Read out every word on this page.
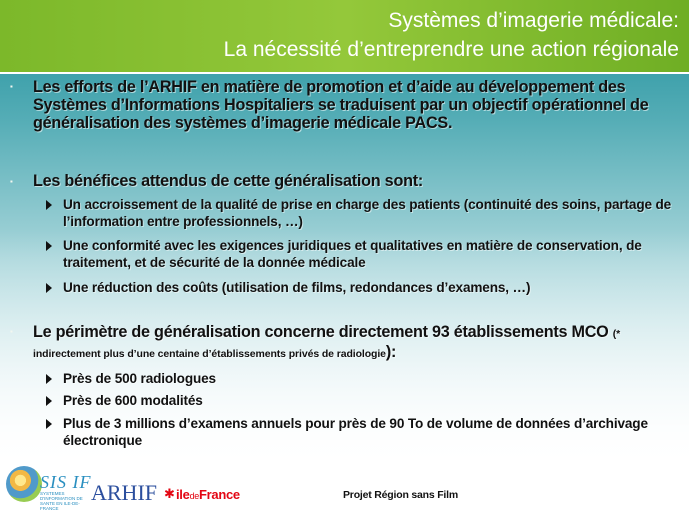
Systèmes d’imagerie médicale:
La nécessité d’entreprendre une action régionale
▪ Les efforts de l’ARHIF en matière de promotion et d’aide au développement des Systèmes d’Informations Hospitaliers se traduisent par un objectif opérationnel de généralisation des systèmes d’imagerie médicale PACS.
▪ Les bénéfices attendus de cette généralisation sont:
Un accroissement de la qualité de prise en charge des patients (continuité des soins, partage de l’information entre professionnels, …)
Une conformité avec les exigences juridiques et qualitatives en matière de conservation, de traitement, et de sécurité de la donnée médicale
Une réduction des coûts (utilisation de films, redondances d’examens, …)
▪ Le périmètre de généralisation concerne directement 93 établissements MCO (* indirectement plus d’une centaine d’établissements privés de radiologie):
Près de 500 radiologues
Près de 600 modalités
Plus de 3 millions d’examens annuels pour près de 90 To de volume de données d’archivage électronique
SIS IF
SYSTEMES D'INFORMATION DE SANTE EN ILE-DE-FRANCE
ARHIF ✱ iledeFrance	Projet Région sans Film
